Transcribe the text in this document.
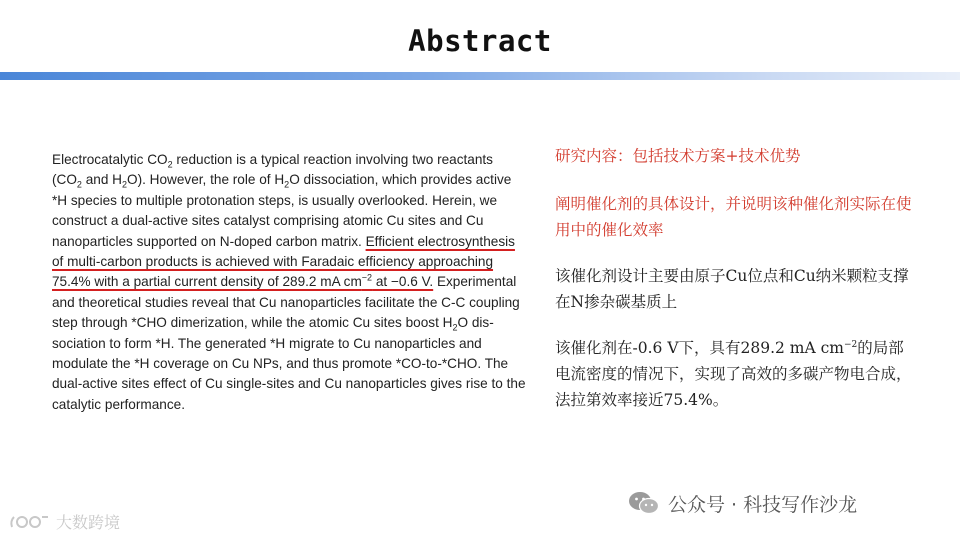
Abstract
Electrocatalytic $CO_2$ reduction is a typical reaction involving two reactants
($CO_2$ and $H_2O$). However, the role of $H_2O$ dissociation, which provides active
*H species to multiple protonation steps, is usually overlooked. Herein, we
construct a dual-active sites catalyst comprising atomic Cu sites and Cu
nanoparticles supported on N-doped carbon matrix. Efficient electrosynthesis
of multi-carbon products is achieved with Faradaic efficiency approaching
75.4% with a partial current density of 289.2 mA $cm^{-2}$ at −0.6 V. Experimental
and theoretical studies reveal that Cu nanoparticles facilitate the C-C coupling
step through *CHO dimerization, while the atomic Cu sites boost $H_2O$ dis-
sociation to form *H. The generated *H migrate to Cu nanoparticles and
modulate the *H coverage on Cu NPs, and thus promote *CO-to-*CHO. The
dual-active sites effect of Cu single-sites and Cu nanoparticles gives rise to the
catalytic performance.
研究内容：包括技术方案+技术优势
阐明催化剂的具体设计，并说明该种催化剂实际在使用中的催化效率
该催化剂设计主要由原子Cu位点和Cu纳米颗粒支撑在N掺杂碳基质上
该催化剂在-0.6 V下，具有289.2 mA $cm^{-2}$的局部电流密度的情况下，实现了高效的多碳产物电合成，法拉第效率接近75.4%。
公众号 · 科技写作沙龙
大数跨境
